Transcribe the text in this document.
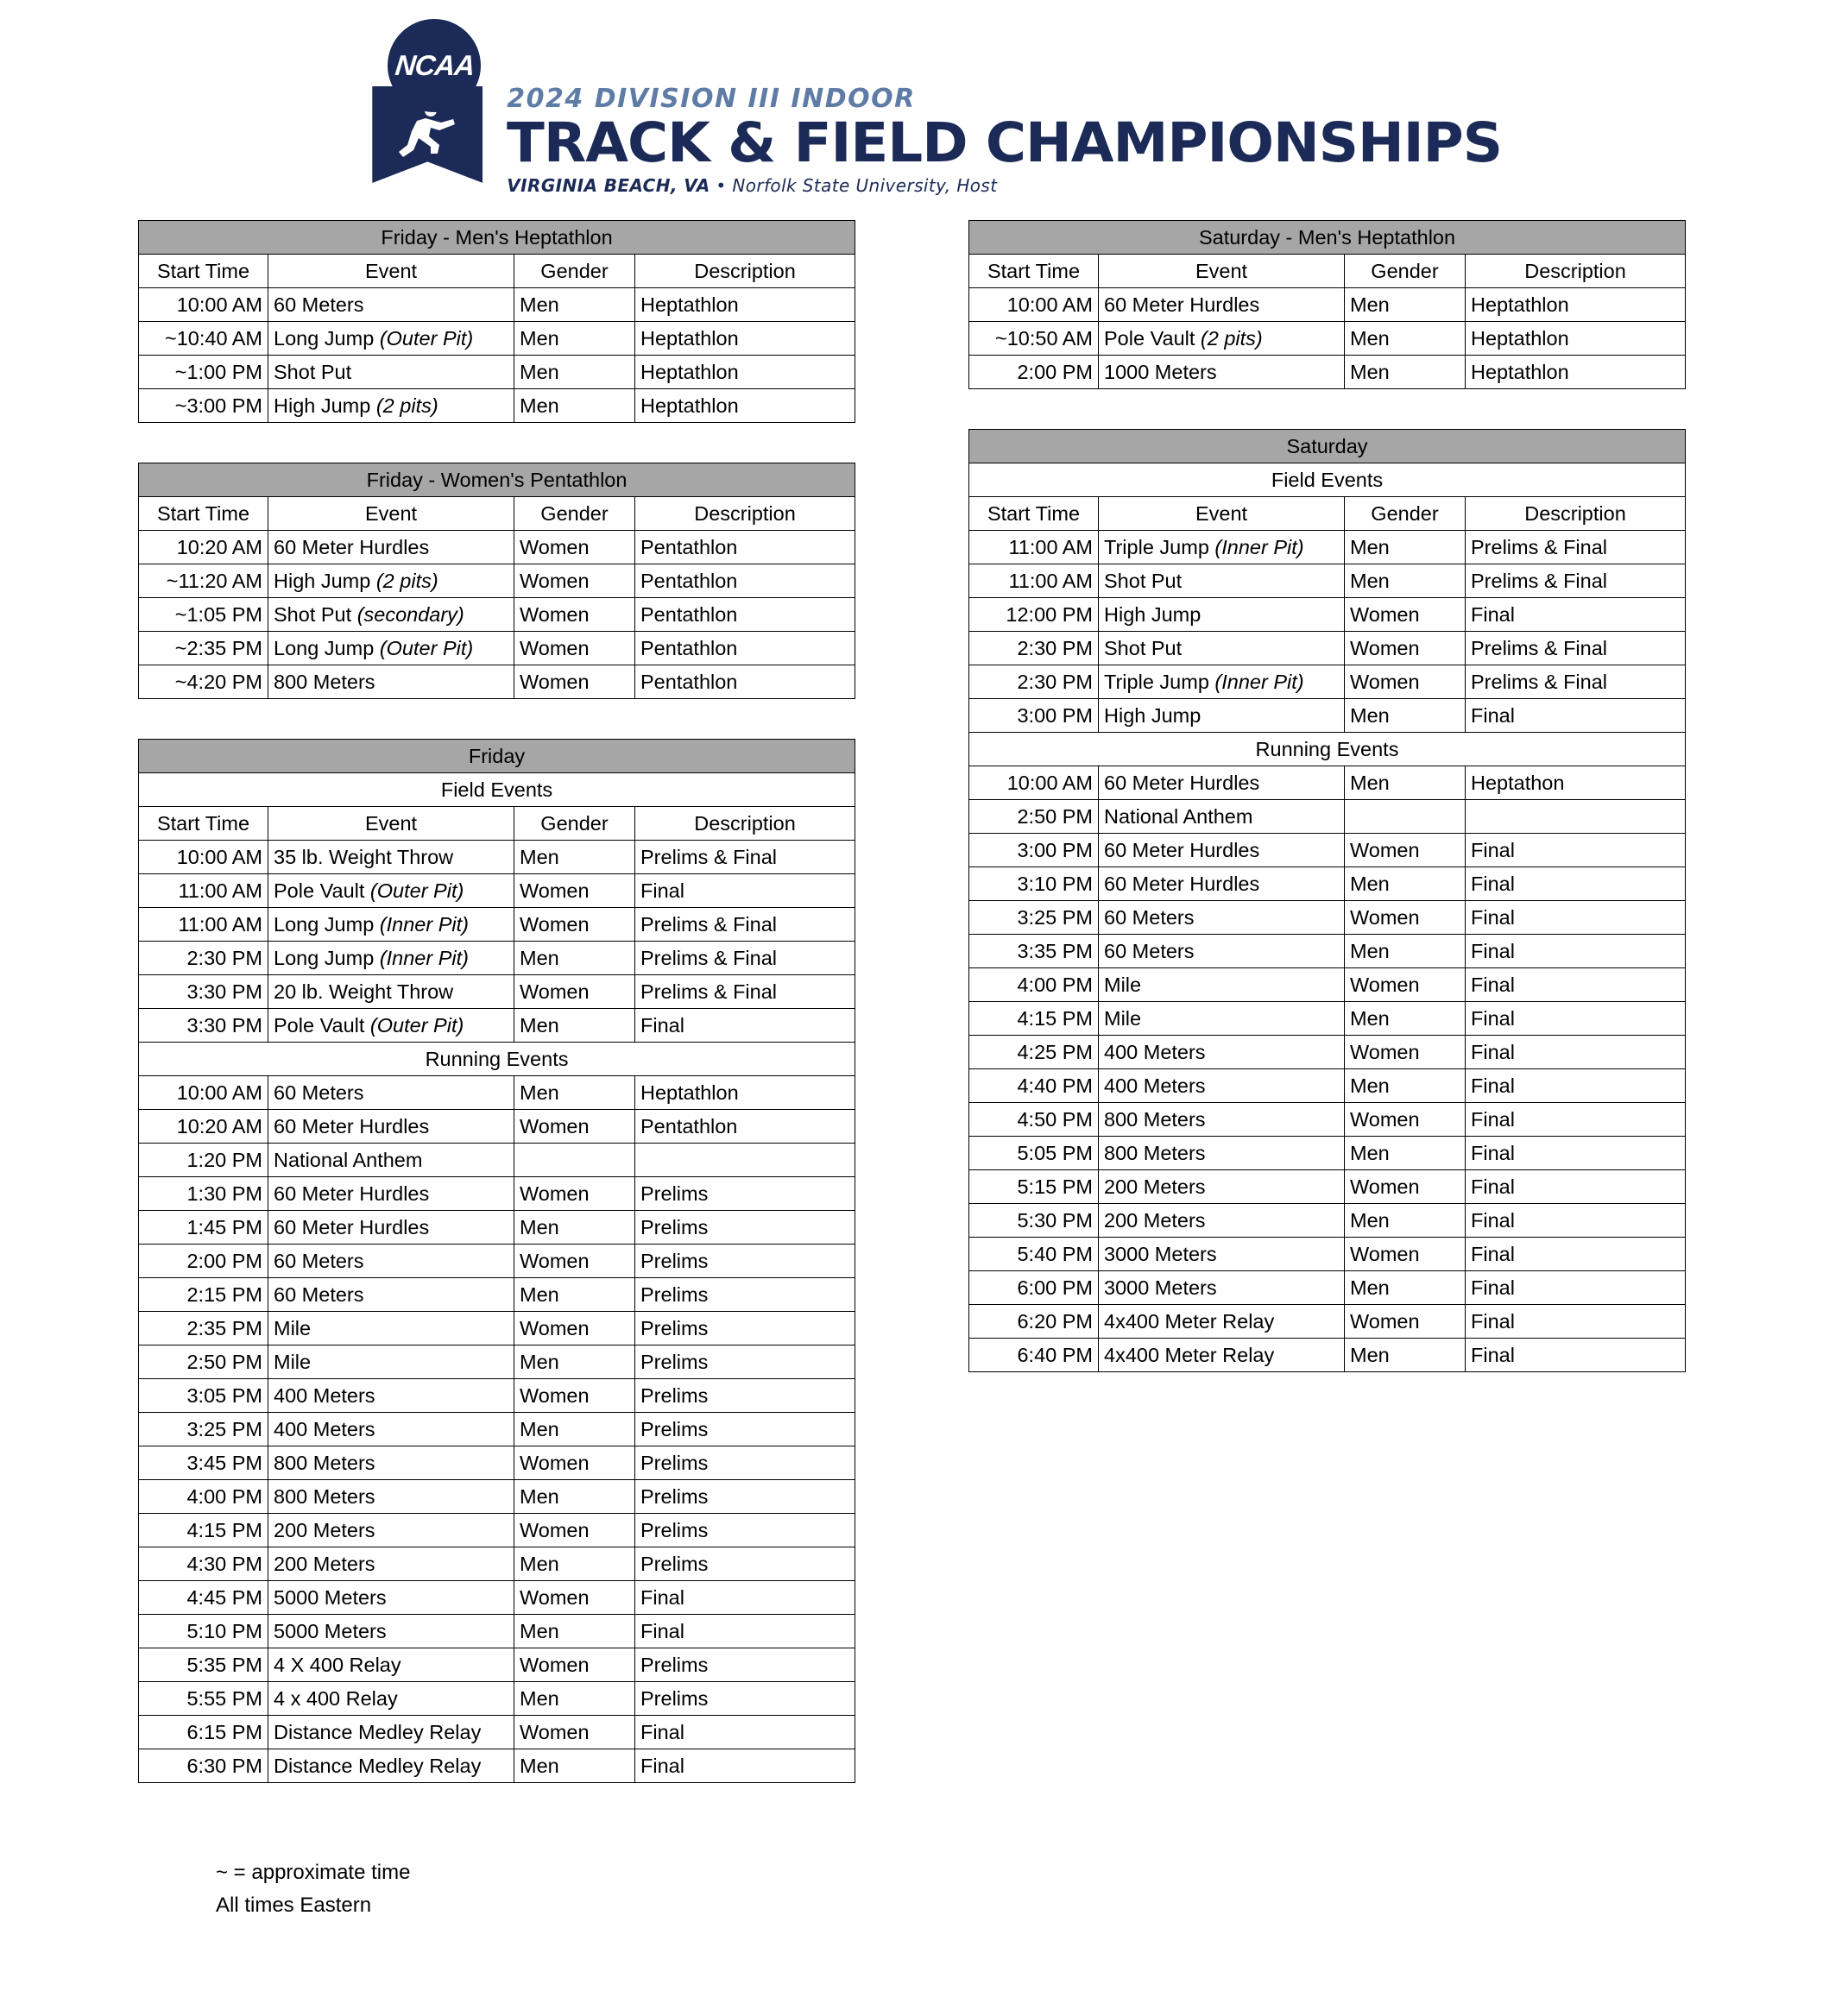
NCAA
2024 DIVISION III INDOOR
TRACK & FIELD CHAMPIONSHIPS
VIRGINIA BEACH, VA • Norfolk State University, Host
Friday - Men's Heptathlon			
Start Time	Event	Gender	Description
10:00 AM	60 Meters	Men	Heptathlon
~10:40 AM	Long Jump (Outer Pit)	Men	Heptathlon
~1:00 PM	Shot Put	Men	Heptathlon
~3:00 PM	High Jump (2 pits)	Men	Heptathlon
Friday - Women's Pentathlon			
Start Time	Event	Gender	Description
10:20 AM	60 Meter Hurdles	Women	Pentathlon
~11:20 AM	High Jump (2 pits)	Women	Pentathlon
~1:05 PM	Shot Put (secondary)	Women	Pentathlon
~2:35 PM	Long Jump (Outer Pit)	Women	Pentathlon
~4:20 PM	800 Meters	Women	Pentathlon
Friday			
Field Events			
Start Time	Event	Gender	Description
10:00 AM	35 lb. Weight Throw	Men	Prelims & Final
11:00 AM	Pole Vault (Outer Pit)	Women	Final
11:00 AM	Long Jump (Inner Pit)	Women	Prelims & Final
2:30 PM	Long Jump (Inner Pit)	Men	Prelims & Final
3:30 PM	20 lb. Weight Throw	Women	Prelims & Final
3:30 PM	Pole Vault (Outer Pit)	Men	Final
Running Events			
10:00 AM	60 Meters	Men	Heptathlon
10:20 AM	60 Meter Hurdles	Women	Pentathlon
1:20 PM	National Anthem		
1:30 PM	60 Meter Hurdles	Women	Prelims
1:45 PM	60 Meter Hurdles	Men	Prelims
2:00 PM	60 Meters	Women	Prelims
2:15 PM	60 Meters	Men	Prelims
2:35 PM	Mile	Women	Prelims
2:50 PM	Mile	Men	Prelims
3:05 PM	400 Meters	Women	Prelims
3:25 PM	400 Meters	Men	Prelims
3:45 PM	800 Meters	Women	Prelims
4:00 PM	800 Meters	Men	Prelims
4:15 PM	200 Meters	Women	Prelims
4:30 PM	200 Meters	Men	Prelims
4:45 PM	5000 Meters	Women	Final
5:10 PM	5000 Meters	Men	Final
5:35 PM	4 X 400 Relay	Women	Prelims
5:55 PM	4 x 400 Relay	Men	Prelims
6:15 PM	Distance Medley Relay	Women	Final
6:30 PM	Distance Medley Relay	Men	Final
Saturday - Men's Heptathlon			
Start Time	Event	Gender	Description
10:00 AM	60 Meter Hurdles	Men	Heptathlon
~10:50 AM	Pole Vault (2 pits)	Men	Heptathlon
2:00 PM	1000 Meters	Men	Heptathlon
Saturday			
Field Events			
Start Time	Event	Gender	Description
11:00 AM	Triple Jump (Inner Pit)	Men	Prelims & Final
11:00 AM	Shot Put	Men	Prelims & Final
12:00 PM	High Jump	Women	Final
2:30 PM	Shot Put	Women	Prelims & Final
2:30 PM	Triple Jump (Inner Pit)	Women	Prelims & Final
3:00 PM	High Jump	Men	Final
Running Events			
10:00 AM	60 Meter Hurdles	Men	Heptathon
2:50 PM	National Anthem		
3:00 PM	60 Meter Hurdles	Women	Final
3:10 PM	60 Meter Hurdles	Men	Final
3:25 PM	60 Meters	Women	Final
3:35 PM	60 Meters	Men	Final
4:00 PM	Mile	Women	Final
4:15 PM	Mile	Men	Final
4:25 PM	400 Meters	Women	Final
4:40 PM	400 Meters	Men	Final
4:50 PM	800 Meters	Women	Final
5:05 PM	800 Meters	Men	Final
5:15 PM	200 Meters	Women	Final
5:30 PM	200 Meters	Men	Final
5:40 PM	3000 Meters	Women	Final
6:00 PM	3000 Meters	Men	Final
6:20 PM	4x400 Meter Relay	Women	Final
6:40 PM	4x400 Meter Relay	Men	Final
~ = approximate time
All times Eastern
